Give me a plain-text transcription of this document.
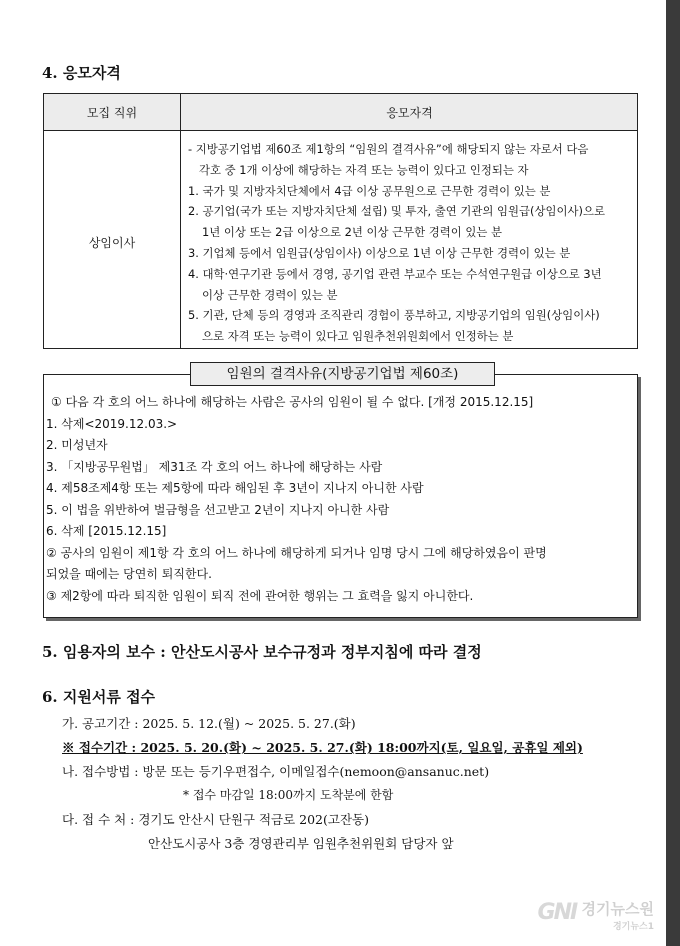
4. 응모자격
모집 직위	응모자격
상임이사
- 지방공기업법 제60조 제1항의 “임원의 결격사유”에 해당되지 않는 자로서 다음
각호 중 1개 이상에 해당하는 자격 또는 능력이 있다고 인정되는 자
1. 국가 및 지방자치단체에서 4급 이상 공무원으로 근무한 경력이 있는 분
2. 공기업(국가 또는 지방자치단체 설립) 및 투자, 출연 기관의 임원급(상임이사)으로
1년 이상 또는 2급 이상으로 2년 이상 근무한 경력이 있는 분
3. 기업체 등에서 임원급(상임이사) 이상으로 1년 이상 근무한 경력이 있는 분
4. 대학·연구기관 등에서 경영, 공기업 관련 부교수 또는 수석연구원급 이상으로 3년
이상 근무한 경력이 있는 분
5. 기관, 단체 등의 경영과 조직관리 경험이 풍부하고, 지방공기업의 임원(상임이사)
으로 자격 또는 능력이 있다고 임원추천위원회에서 인정하는 분
임원의 결격사유(지방공기업법 제60조)
① 다음 각 호의 어느 하나에 해당하는 사람은 공사의 임원이 될 수 없다. [개정 2015.12.15]
1. 삭제<2019.12.03.>
2. 미성년자
3. 「지방공무원법」 제31조 각 호의 어느 하나에 해당하는 사람
4. 제58조제4항 또는 제5항에 따라 해임된 후 3년이 지나지 아니한 사람
5. 이 법을 위반하여 벌금형을 선고받고 2년이 지나지 아니한 사람
6. 삭제 [2015.12.15]
② 공사의 임원이 제1항 각 호의 어느 하나에 해당하게 되거나 임명 당시 그에 해당하였음이 판명
되었을 때에는 당연히 퇴직한다.
③ 제2항에 따라 퇴직한 임원이 퇴직 전에 관여한 행위는 그 효력을 잃지 아니한다.
5. 임용자의 보수 : 안산도시공사 보수규정과 정부지침에 따라 결정
6. 지원서류 접수
가. 공고기간 : 2025. 5. 12.(월) ~ 2025. 5. 27.(화)
※ 접수기간 : 2025. 5. 20.(화) ~ 2025. 5. 27.(화) 18:00까지(토, 일요일, 공휴일 제외)
나. 접수방법 : 방문 또는 등기우편접수, 이메일접수(nemoon@ansanuc.net)
* 접수 마감일 18:00까지 도착분에 한함
다. 접 수 처 : 경기도 안산시 단원구 적금로 202(고잔동)
안산도시공사 3층 경영관리부 임원추천위원회 담당자 앞
GNI 경기뉴스원
경기뉴스1
